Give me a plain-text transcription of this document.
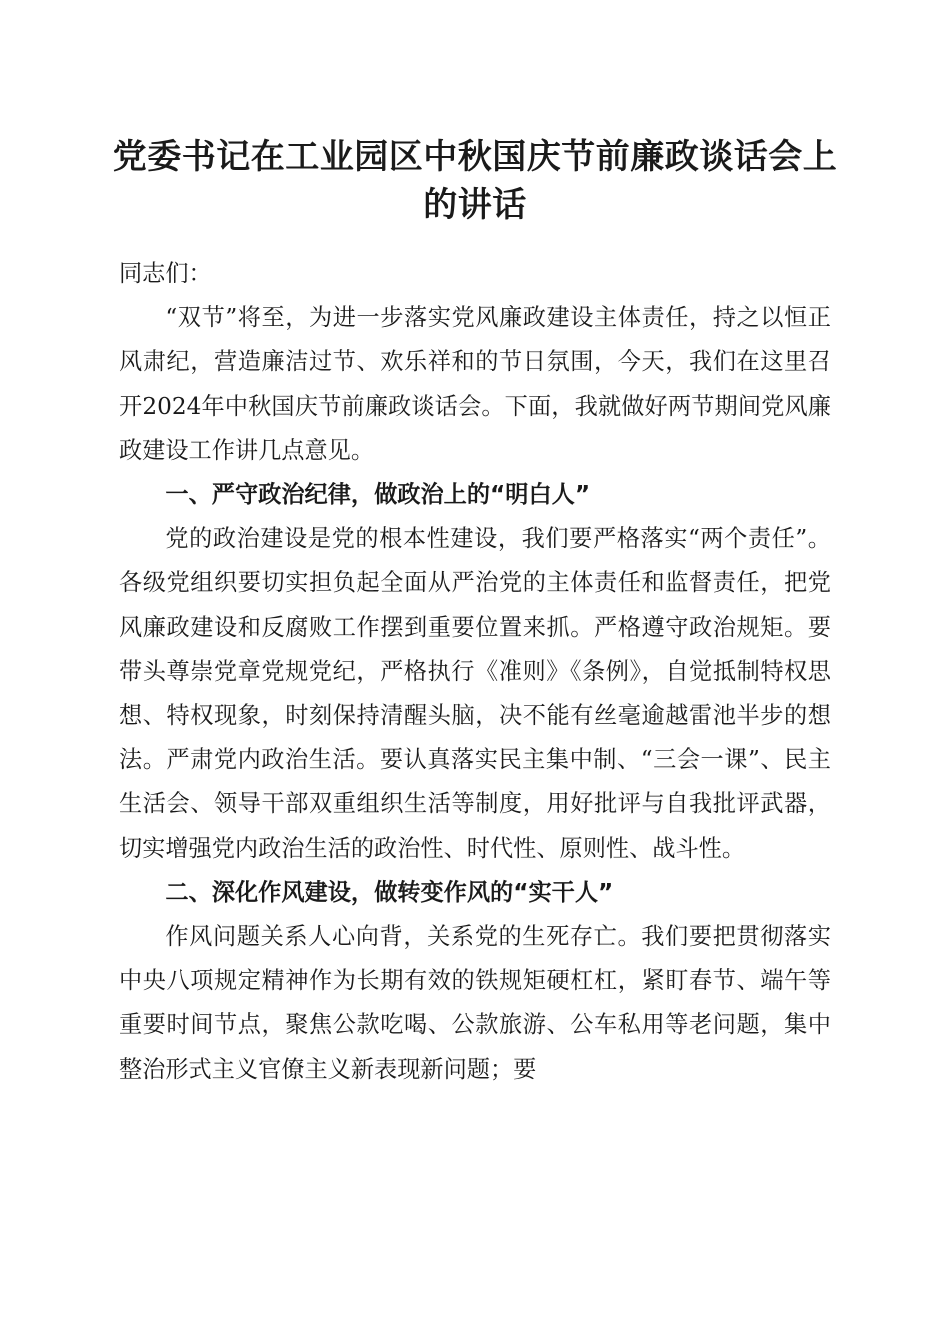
党委书记在工业园区中秋国庆节前廉政谈话会上的讲话

同志们：

“双节”将至，为进一步落实党风廉政建设主体责任，持之以恒正风肃纪，营造廉洁过节、欢乐祥和的节日氛围，今天，我们在这里召开2024年中秋国庆节前廉政谈话会。下面，我就做好两节期间党风廉政建设工作讲几点意见。

一、严守政治纪律，做政治上的“明白人”

党的政治建设是党的根本性建设，我们要严格落实“两个责任”。各级党组织要切实担负起全面从严治党的主体责任和监督责任，把党风廉政建设和反腐败工作摆到重要位置来抓。严格遵守政治规矩。要带头尊崇党章党规党纪，严格执行《准则》《条例》，自觉抵制特权思想、特权现象，时刻保持清醒头脑，决不能有丝毫逾越雷池半步的想法。严肃党内政治生活。要认真落实民主集中制、“三会一课”、民主生活会、领导干部双重组织生活等制度，用好批评与自我批评武器，切实增强党内政治生活的政治性、时代性、原则性、战斗性。

二、深化作风建设，做转变作风的“实干人”

作风问题关系人心向背，关系党的生死存亡。我们要把贯彻落实中央八项规定精神作为长期有效的铁规矩硬杠杠，紧盯春节、端午等重要时间节点，聚焦公款吃喝、公款旅游、公车私用等老问题，集中整治形式主义官僚主义新表现新问题；要
